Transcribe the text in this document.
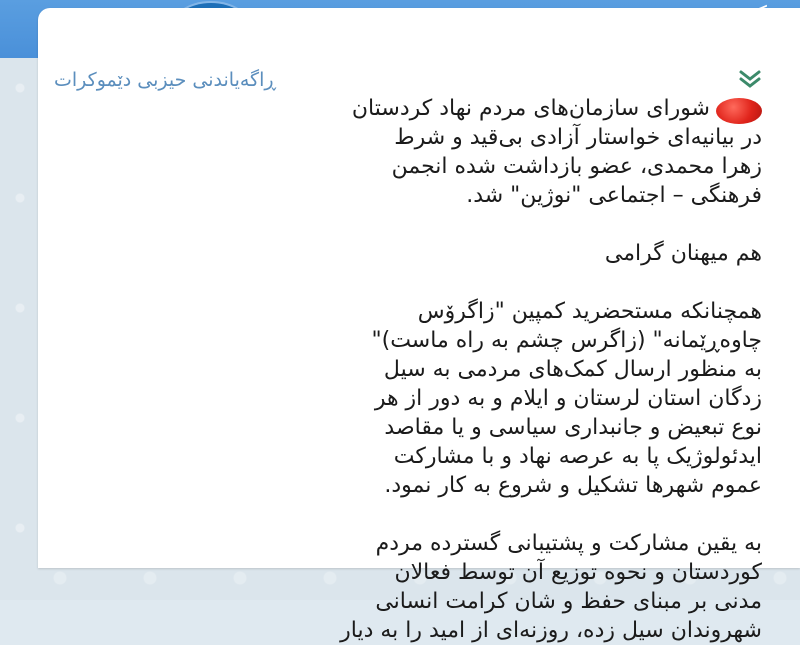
ڕاگەیاندنی حیزبی دێموکرات

شورای سازمان‌های مردم نهاد کردستان

در بیانیه‌ای خواستار آزادی بی‌قید و شرط

زهرا محمدی، عضو بازداشت شده انجمن

فرهنگی – اجتماعی "نوژین" شد.

هم میهنان گرامی

همچنانکه مستحضرید کمپین "زاگرۆس

چاوەڕێمانە" (زاگرس چشم به راه ماست)"

به منظور ارسال کمک‌های مردمی به سیل

زدگان استان لرستان و ایلام و به دور از هر

نوع تبعیض و جانبداری سیاسی و یا مقاصد

ایدئولوژیک پا به عرصه نهاد و با مشارکت

عموم شهرها تشکیل و شروع به کار نمود.

به یقین مشارکت و پشتیبانی گسترده مردم

کوردستان و نحوه توزیع آن توسط فعالان

مدنی بر مبنای حفظ و شان کرامت انسانی

شهروندان سیل زده، روزنه‌ای از امید را به دیار
